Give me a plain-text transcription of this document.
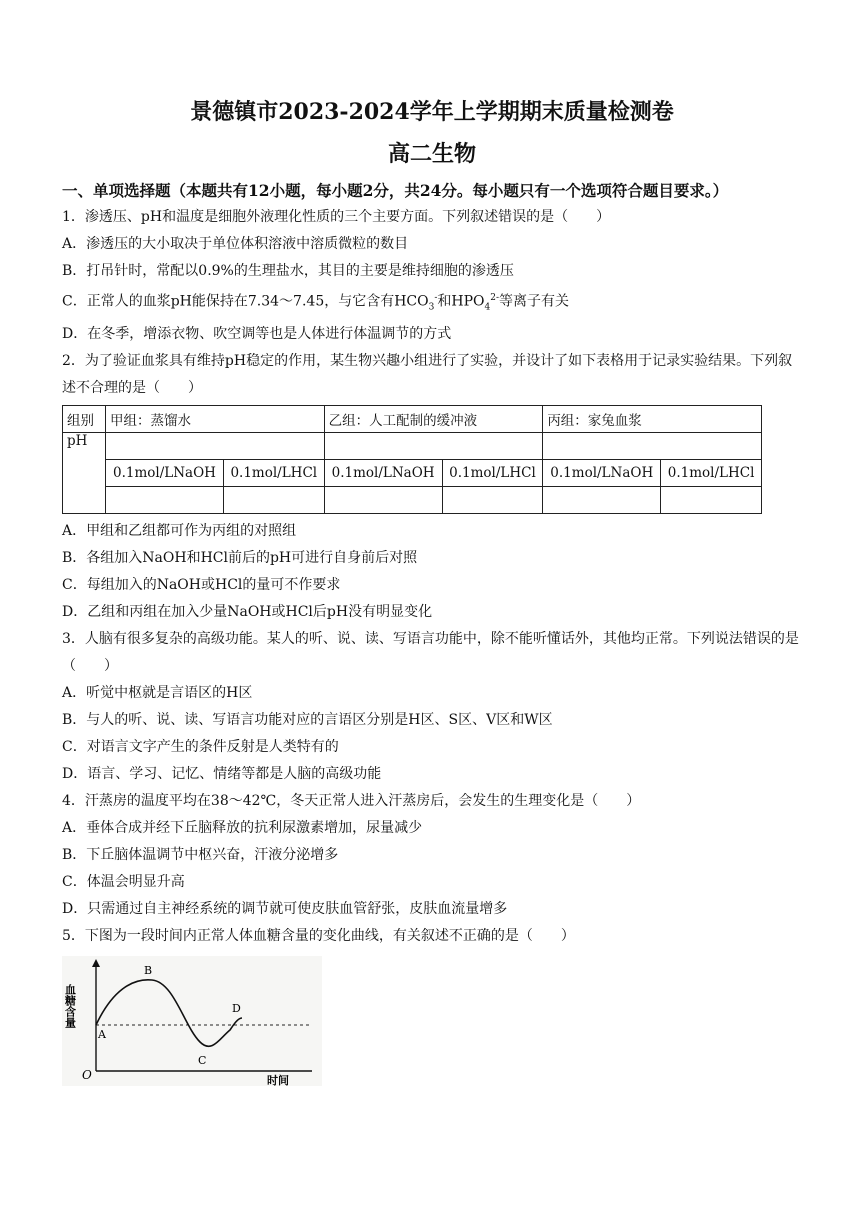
景德镇市2023-2024学年上学期期末质量检测卷
高二生物
一、单项选择题（本题共有12小题，每小题2分，共24分。每小题只有一个选项符合题目要求。）
1．渗透压、pH和温度是细胞外液理化性质的三个主要方面。下列叙述错误的是（　　）
A．渗透压的大小取决于单位体积溶液中溶质微粒的数目
B．打吊针时，常配以0.9%的生理盐水，其目的主要是维持细胞的渗透压
C．正常人的血浆pH能保持在7.34～7.45，与它含有$HCO_3^-$和$HPO_4^{2-}$等离子有关
D．在冬季，增添衣物、吹空调等也是人体进行体温调节的方式
2．为了验证血浆具有维持pH稳定的作用，某生物兴趣小组进行了实验，并设计了如下表格用于记录实验结果。下列叙述不合理的是（　　）
组别	甲组：蒸馏水		乙组：人工配制的缓冲液		丙组：家兔血浆	
pH						
	0.1mol/LNaOH	0.1mol/LHCl	0.1mol/LNaOH	0.1mol/LHCl	0.1mol/LNaOH	0.1mol/LHCl

A．甲组和乙组都可作为丙组的对照组
B．各组加入NaOH和HCl前后的pH可进行自身前后对照
C．每组加入的NaOH或HCl的量可不作要求
D．乙组和丙组在加入少量NaOH或HCl后pH没有明显变化
3．人脑有很多复杂的高级功能。某人的听、说、读、写语言功能中，除不能听懂话外，其他均正常。下列说法错误的是（　　）
A．听觉中枢就是言语区的H区
B．与人的听、说、读、写语言功能对应的言语区分别是H区、S区、V区和W区
C．对语言文字产生的条件反射是人类特有的
D．语言、学习、记忆、情绪等都是人脑的高级功能
4．汗蒸房的温度平均在38～42℃，冬天正常人进入汗蒸房后，会发生的生理变化是（　　）
A．垂体合成并经下丘脑释放的抗利尿激素增加，尿量减少
B．下丘脑体温调节中枢兴奋，汗液分泌增多
C．体温会明显升高
D．只需通过自主神经系统的调节就可使皮肤血管舒张，皮肤血流量增多
5．下图为一段时间内正常人体血糖含量的变化曲线，有关叙述不正确的是（　　）
血糖含量
时间
O
A
B
C
D
